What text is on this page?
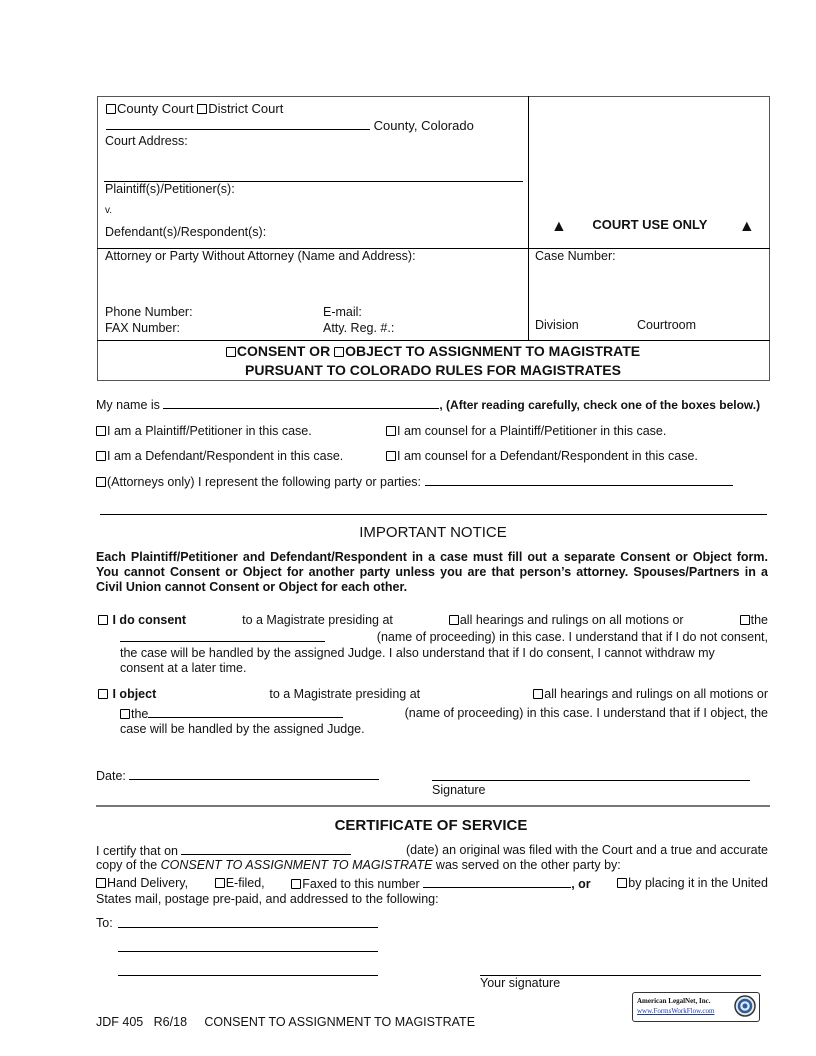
County Court District Court
County, Colorado
Court Address:
Plaintiff(s)/Petitioner(s):
v.
Defendant(s)/Respondent(s):	▲ COURT USE ONLY ▲
Attorney or Party Without Attorney (Name and Address):
Phone Number:	E-mail:
FAX Number:	Atty. Reg. #.:
Case Number:
Division	Courtroom
CONSENT OR OBJECT TO ASSIGNMENT TO MAGISTRATE
PURSUANT TO COLORADO RULES FOR MAGISTRATES
My name is	, (After reading carefully, check one of the boxes below.)
I am a Plaintiff/Petitioner in this case.	I am counsel for a Plaintiff/Petitioner in this case.
I am a Defendant/Respondent in this case.	I am counsel for a Defendant/Respondent in this case.
(Attorneys only) I represent the following party or parties:
IMPORTANT NOTICE
Each Plaintiff/Petitioner and Defendant/Respondent in a case must fill out a separate Consent or Object form. You cannot Consent or Object for another party unless you are that person’s attorney. Spouses/Partners in a Civil Union cannot Consent or Object for each other.
I do consent	to a Magistrate presiding at	all hearings and rulings on all motions or	the
(name of proceeding) in this case. I understand that if I do not consent,
the case will be handled by the assigned Judge. I also understand that if I do consent, I cannot withdraw my
consent at a later time.
I object	to a Magistrate presiding at	all hearings and rulings on all motions or
the	(name of proceeding) in this case. I understand that if I object, the
case will be handled by the assigned Judge.
Date:
Signature
CERTIFICATE OF SERVICE
I certify that on	(date) an original was filed with the Court and a true and accurate
copy of the CONSENT TO ASSIGNMENT TO MAGISTRATE was served on the other party by:
Hand Delivery,	E-filed,	Faxed to this number	, or	by placing it in the United
States mail, postage pre-paid, and addressed to the following:
To:
Your signature
JDF 405   R6/18     CONSENT TO ASSIGNMENT TO MAGISTRATE
American LegalNet, Inc.
www.FormsWorkFlow.com
